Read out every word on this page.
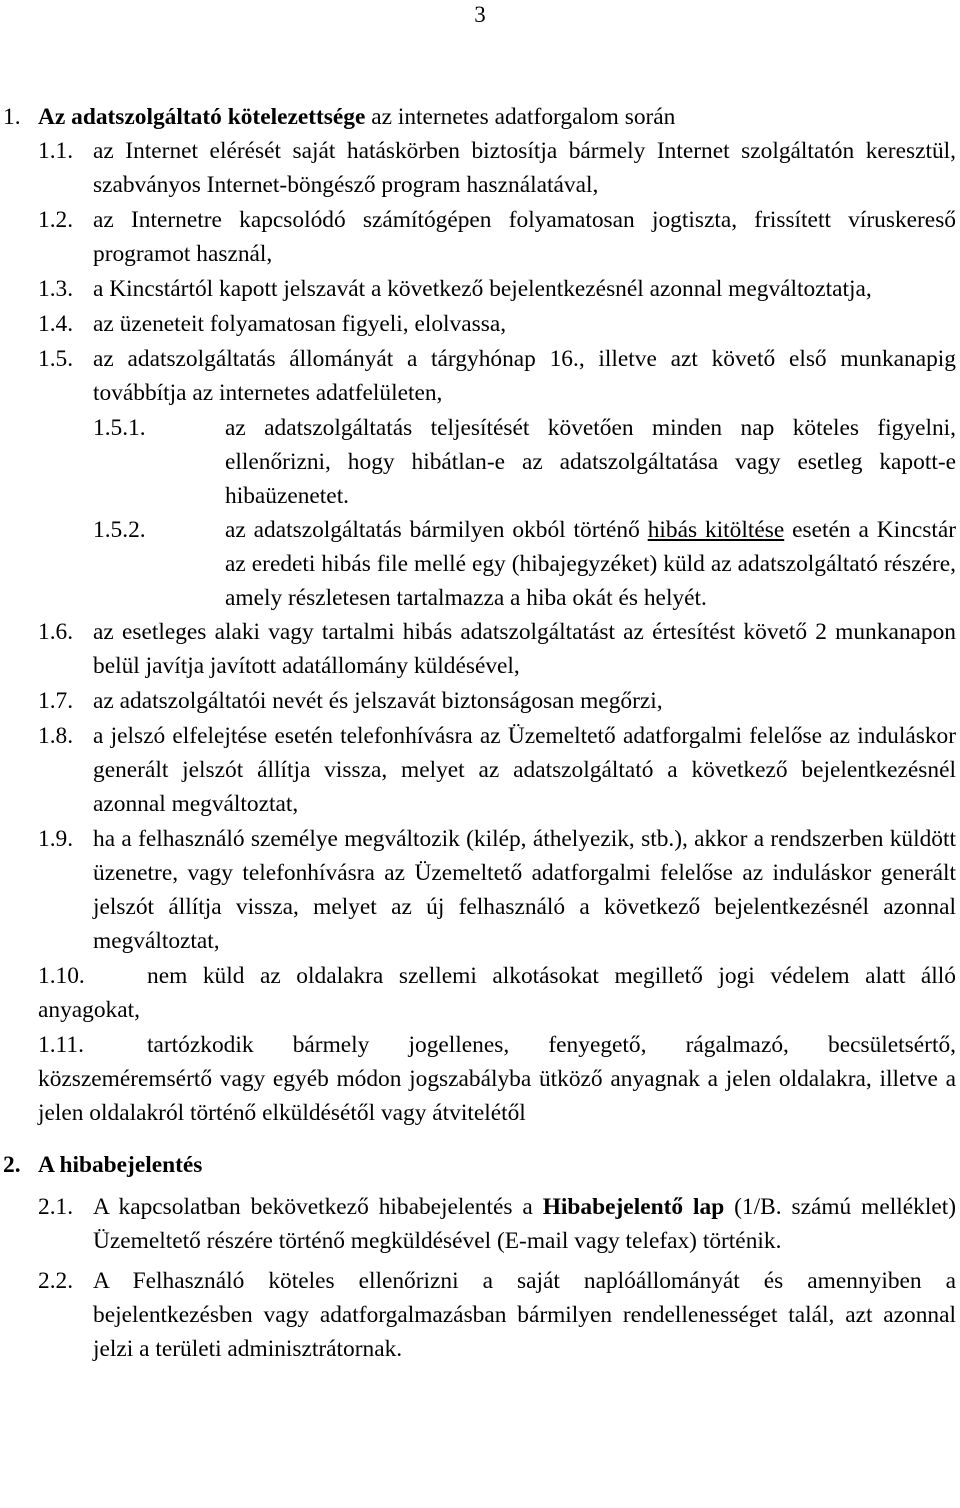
3
1. Az adatszolgáltató kötelezettsége az internetes adatforgalom során
1.1. az Internet elérését saját hatáskörben biztosítja bármely Internet szolgáltatón keresztül, szabványos Internet-böngésző program használatával,
1.2. az Internetre kapcsolódó számítógépen folyamatosan jogtiszta, frissített víruskereső programot használ,
1.3. a Kincstártól kapott jelszavát a következő bejelentkezésnél azonnal megváltoztatja,
1.4. az üzeneteit folyamatosan figyeli, elolvassa,
1.5. az adatszolgáltatás állományát a tárgyhónap 16., illetve azt követő első munkanapig továbbítja az internetes adatfelületen,
1.5.1.	az adatszolgáltatás teljesítését követően minden nap köteles figyelni, ellenőrizni, hogy hibátlan-e az adatszolgáltatása vagy esetleg kapott-e hibaüzenetet.
1.5.2.	az adatszolgáltatás bármilyen okból történő hibás kitöltése esetén a Kincstár az eredeti hibás file mellé egy (hibajegyzéket) küld az adatszolgáltató részére, amely részletesen tartalmazza a hiba okát és helyét.
1.6. az esetleges alaki vagy tartalmi hibás adatszolgáltatást az értesítést követő 2 munkanapon belül javítja javított adatállomány küldésével,
1.7. az adatszolgáltatói nevét és jelszavát biztonságosan megőrzi,
1.8. a jelszó elfelejtése esetén telefonhívásra az Üzemeltető adatforgalmi felelőse az induláskor generált jelszót állítja vissza, melyet az adatszolgáltató a következő bejelentkezésnél azonnal megváltoztat,
1.9. ha a felhasználó személye megváltozik (kilép, áthelyezik, stb.), akkor a rendszerben küldött üzenetre, vagy telefonhívásra az Üzemeltető adatforgalmi felelőse az induláskor generált jelszót állítja vissza, melyet az új felhasználó a következő bejelentkezésnél azonnal megváltoztat,
1.10.	nem küld az oldalakra szellemi alkotásokat megillető jogi védelem alatt álló anyagokat,
1.11.	tartózkodik bármely jogellenes, fenyegető, rágalmazó, becsületsértő, közszeméremsértő vagy egyéb módon jogszabályba ütköző anyagnak a jelen oldalakra, illetve a jelen oldalakról történő elküldésétől vagy átvitelétől
2. A hibabejelentés
2.1. A kapcsolatban bekövetkező hibabejelentés a Hibabejelentő lap (1/B. számú melléklet) Üzemeltető részére történő megküldésével (E-mail vagy telefax) történik.
2.2. A Felhasználó köteles ellenőrizni a saját naplóállományát és amennyiben a bejelentkezésben vagy adatforgalmazásban bármilyen rendellenességet talál, azt azonnal jelzi a területi adminisztrátornak.
